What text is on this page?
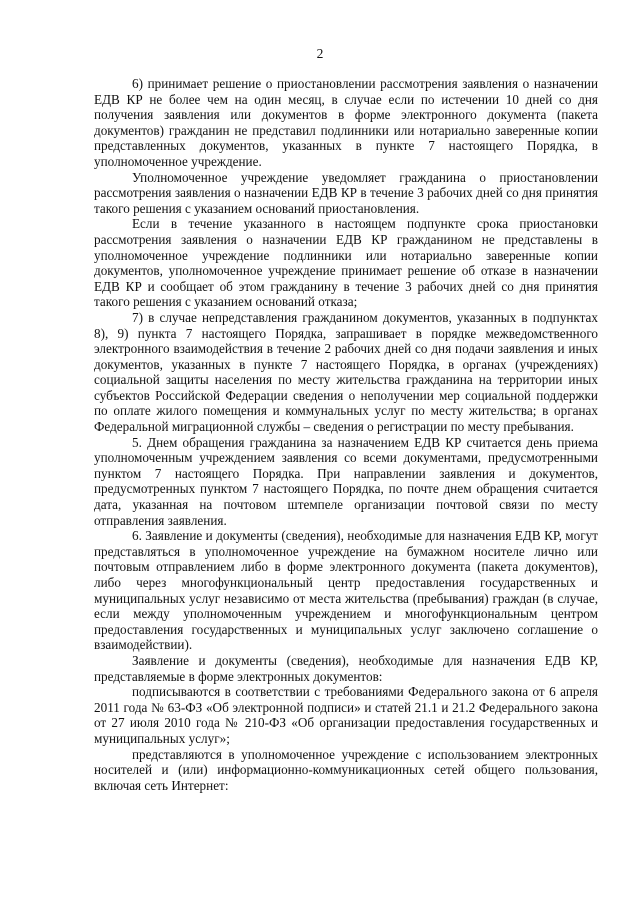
2

6) принимает решение о приостановлении рассмотрения заявления о назначении ЕДВ КР не более чем на один месяц, в случае если по истечении 10 дней со дня получения заявления или документов в форме электронного документа (пакета документов) гражданин не представил подлинники или нотариально заверенные копии представленных документов, указанных в пункте 7 настоящего Порядка, в уполномоченное учреждение.

Уполномоченное учреждение уведомляет гражданина о приостановлении рассмотрения заявления о назначении ЕДВ КР в течение 3 рабочих дней со дня принятия такого решения с указанием оснований приостановления.

Если в течение указанного в настоящем подпункте срока приостановки рассмотрения заявления о назначении ЕДВ КР гражданином не представлены в уполномоченное учреждение подлинники или нотариально заверенные копии документов, уполномоченное учреждение принимает решение об отказе в назначении ЕДВ КР и сообщает об этом гражданину в течение 3 рабочих дней со дня принятия такого решения с указанием оснований отказа;

7) в случае непредставления гражданином документов, указанных в подпунктах 8), 9) пункта 7 настоящего Порядка, запрашивает в порядке межведомственного электронного взаимодействия в течение 2 рабочих дней со дня подачи заявления и иных документов, указанных в пункте 7 настоящего Порядка, в органах (учреждениях) социальной защиты населения по месту жительства гражданина на территории иных субъектов Российской Федерации сведения о неполучении мер социальной поддержки по оплате жилого помещения и коммунальных услуг по месту жительства; в органах Федеральной миграционной службы – сведения о регистрации по месту пребывания.

5. Днем обращения гражданина за назначением ЕДВ КР считается день приема уполномоченным учреждением заявления со всеми документами, предусмотренными пунктом 7 настоящего Порядка. При направлении заявления и документов, предусмотренных пунктом 7 настоящего Порядка, по почте днем обращения считается дата, указанная на почтовом штемпеле организации почтовой связи по месту отправления заявления.

6. Заявление и документы (сведения), необходимые для назначения ЕДВ КР, могут представляться в уполномоченное учреждение на бумажном носителе лично или почтовым отправлением либо в форме электронного документа (пакета документов), либо через многофункциональный центр предоставления государственных и муниципальных услуг независимо от места жительства (пребывания) граждан (в случае, если между уполномоченным учреждением и многофункциональным центром предоставления государственных и муниципальных услуг заключено соглашение о взаимодействии).

Заявление и документы (сведения), необходимые для назначения ЕДВ КР, представляемые в форме электронных документов:

подписываются в соответствии с требованиями Федерального закона от 6 апреля 2011 года № 63-ФЗ «Об электронной подписи» и статей 21.1 и 21.2 Федерального закона от 27 июля 2010 года № 210-ФЗ «Об организации предоставления государственных и муниципальных услуг»;

представляются в уполномоченное учреждение с использованием электронных носителей и (или) информационно-коммуникационных сетей общего пользования, включая сеть Интернет:
